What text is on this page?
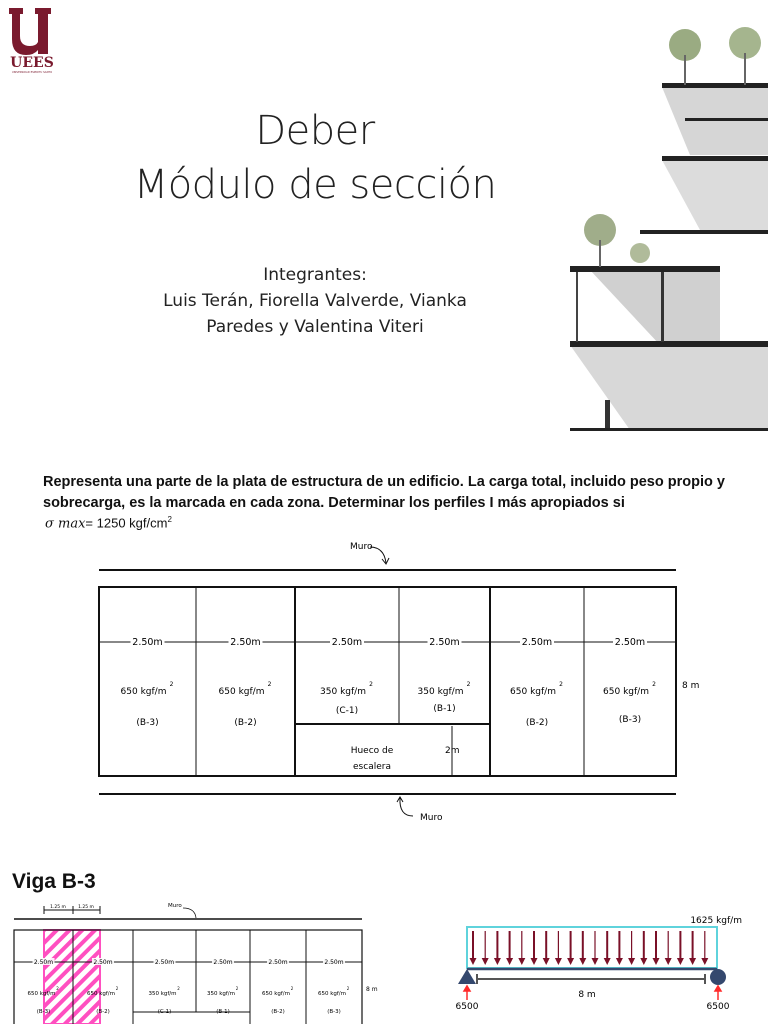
UEES
UNIVERSIDAD ESPIRITU SANTO
Deber
Módulo de sección
Integrantes:
Luis Terán, Fiorella Valverde, Vianka
Paredes y Valentina Viteri
Representa una parte de la plata de estructura de un edificio. La carga total, incluido peso propio y sobrecarga, es la marcada en cada zona. Determinar los perfiles I más apropiados si
σ max= 1250 kgf/$cm^2$
Muro
Muro
8 m
Hueco de
escalera
2m
2.50m
650 kgf/m
2
(B-3)
2.50m
650 kgf/m
2
(B-2)
2.50m
350 kgf/m
2
(C-1)
2.50m
350 kgf/m
2
(B-1)
2.50m
650 kgf/m
2
(B-2)
2.50m
650 kgf/m
2
(B-3)
Viga B-3
Muro
1.25 m	1.25 m
8 m
2.50m
650 kgf/m
2
(B-3)
2.50m
650 kgf/m
2
(B-2)
2.50m
350 kgf/m
2
(C-1)
2.50m
350 kgf/m
2
(B-1)
2.50m
650 kgf/m
2
(B-2)
2.50m
650 kgf/m
2
(B-3)
1625 kgf/m
8 m
6500	6500
